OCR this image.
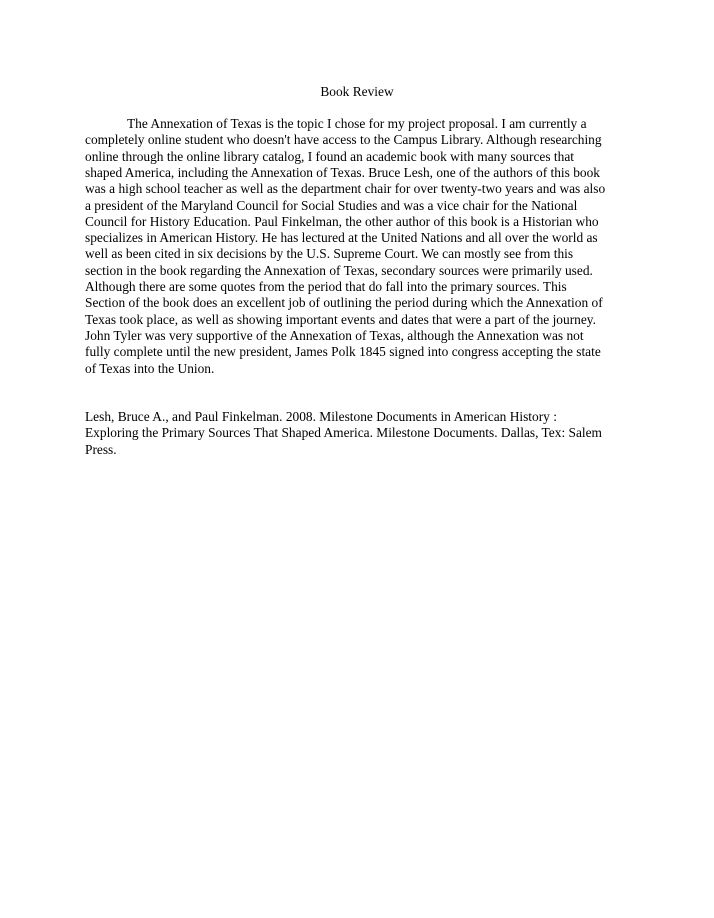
Book Review
The Annexation of Texas is the topic I chose for my project proposal. I am currently a
completely online student who doesn't have access to the Campus Library. Although researching
online through the online library catalog, I found an academic book with many sources that
shaped America, including the Annexation of Texas. Bruce Lesh, one of the authors of this book
was a high school teacher as well as the department chair for over twenty-two years and was also
a president of the Maryland Council for Social Studies and was a vice chair for the National
Council for History Education. Paul Finkelman, the other author of this book is a Historian who
specializes in American History. He has lectured at the United Nations and all over the world as
well as been cited in six decisions by the U.S. Supreme Court. We can mostly see from this
section in the book regarding the Annexation of Texas, secondary sources were primarily used.
Although there are some quotes from the period that do fall into the primary sources. This
Section of the book does an excellent job of outlining the period during which the Annexation of
Texas took place, as well as showing important events and dates that were a part of the journey.
John Tyler was very supportive of the Annexation of Texas, although the Annexation was not
fully complete until the new president, James Polk 1845 signed into congress accepting the state
of Texas into the Union.
Lesh, Bruce A., and Paul Finkelman. 2008. Milestone Documents in American History :
Exploring the Primary Sources That Shaped America. Milestone Documents. Dallas, Tex: Salem
Press.
